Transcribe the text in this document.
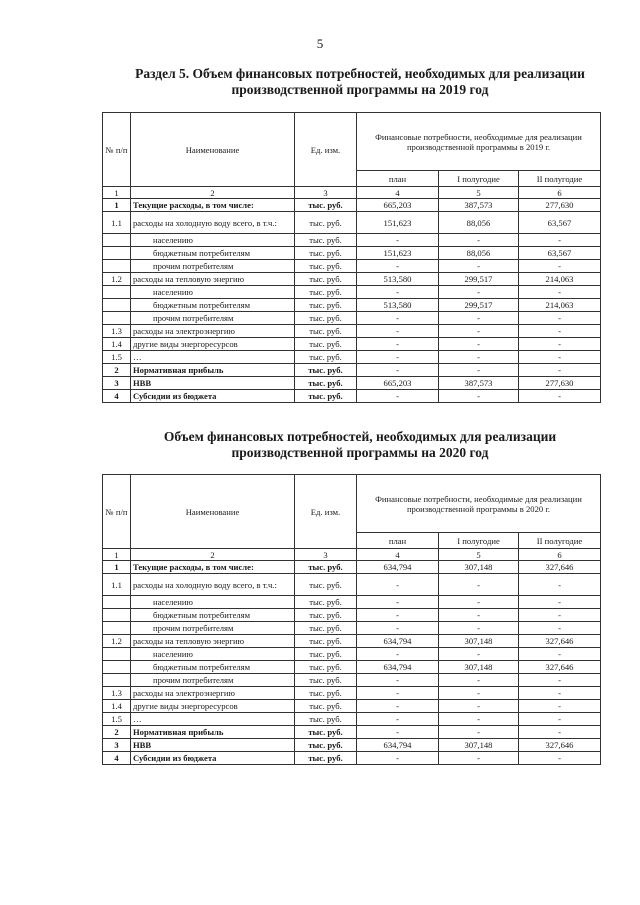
5
Раздел 5. Объем финансовых потребностей, необходимых для реализации
производственной программы на 2019 год
№ п/п	Наименование	Ед. изм.	Финансовые потребности, необходимые для реализации производственной программы в 2019 г.		
			план	I полугодие	II полугодие
1	2	3	4	5	6
1	Текущие расходы, в том числе:	тыс. руб.	665,203	387,573	277,630
1.1	расходы на холодную воду всего, в т.ч.:	тыс. руб.	151,623	88,056	63,567
	населению	тыс. руб.	-	-	-
	бюджетным потребителям	тыс. руб.	151,623	88,056	63,567
	прочим потребителям	тыс. руб.	-	-	-
1.2	расходы на тепловую энергию	тыс. руб.	513,580	299,517	214,063
	населению	тыс. руб.	-	-	-
	бюджетным потребителям	тыс. руб.	513,580	299,517	214,063
	прочим потребителям	тыс. руб.	-	-	-
1.3	расходы на электроэнергию	тыс. руб.	-	-	-
1.4	другие виды энергоресурсов	тыс. руб.	-	-	-
1.5	…	тыс. руб.	-	-	-
2	Нормативная прибыль	тыс. руб.	-	-	-
3	НВВ	тыс. руб.	665,203	387,573	277,630
4	Субсидии из бюджета	тыс. руб.	-	-	-
Объем финансовых потребностей, необходимых для реализации
производственной программы на 2020 год
№ п/п	Наименование	Ед. изм.	Финансовые потребности, необходимые для реализации производственной программы в 2020 г.		
			план	I полугодие	II полугодие
1	2	3	4	5	6
1	Текущие расходы, в том числе:	тыс. руб.	634,794	307,148	327,646
1.1	расходы на холодную воду всего, в т.ч.:	тыс. руб.	-	-	-
	населению	тыс. руб.	-	-	-
	бюджетным потребителям	тыс. руб.	-	-	-
	прочим потребителям	тыс. руб.	-	-	-
1.2	расходы на тепловую энергию	тыс. руб.	634,794	307,148	327,646
	населению	тыс. руб.	-	-	-
	бюджетным потребителям	тыс. руб.	634,794	307,148	327,646
	прочим потребителям	тыс. руб.	-	-	-
1.3	расходы на электроэнергию	тыс. руб.	-	-	-
1.4	другие виды энергоресурсов	тыс. руб.	-	-	-
1.5	…	тыс. руб.	-	-	-
2	Нормативная прибыль	тыс. руб.	-	-	-
3	НВВ	тыс. руб.	634,794	307,148	327,646
4	Субсидии из бюджета	тыс. руб.	-	-	-
